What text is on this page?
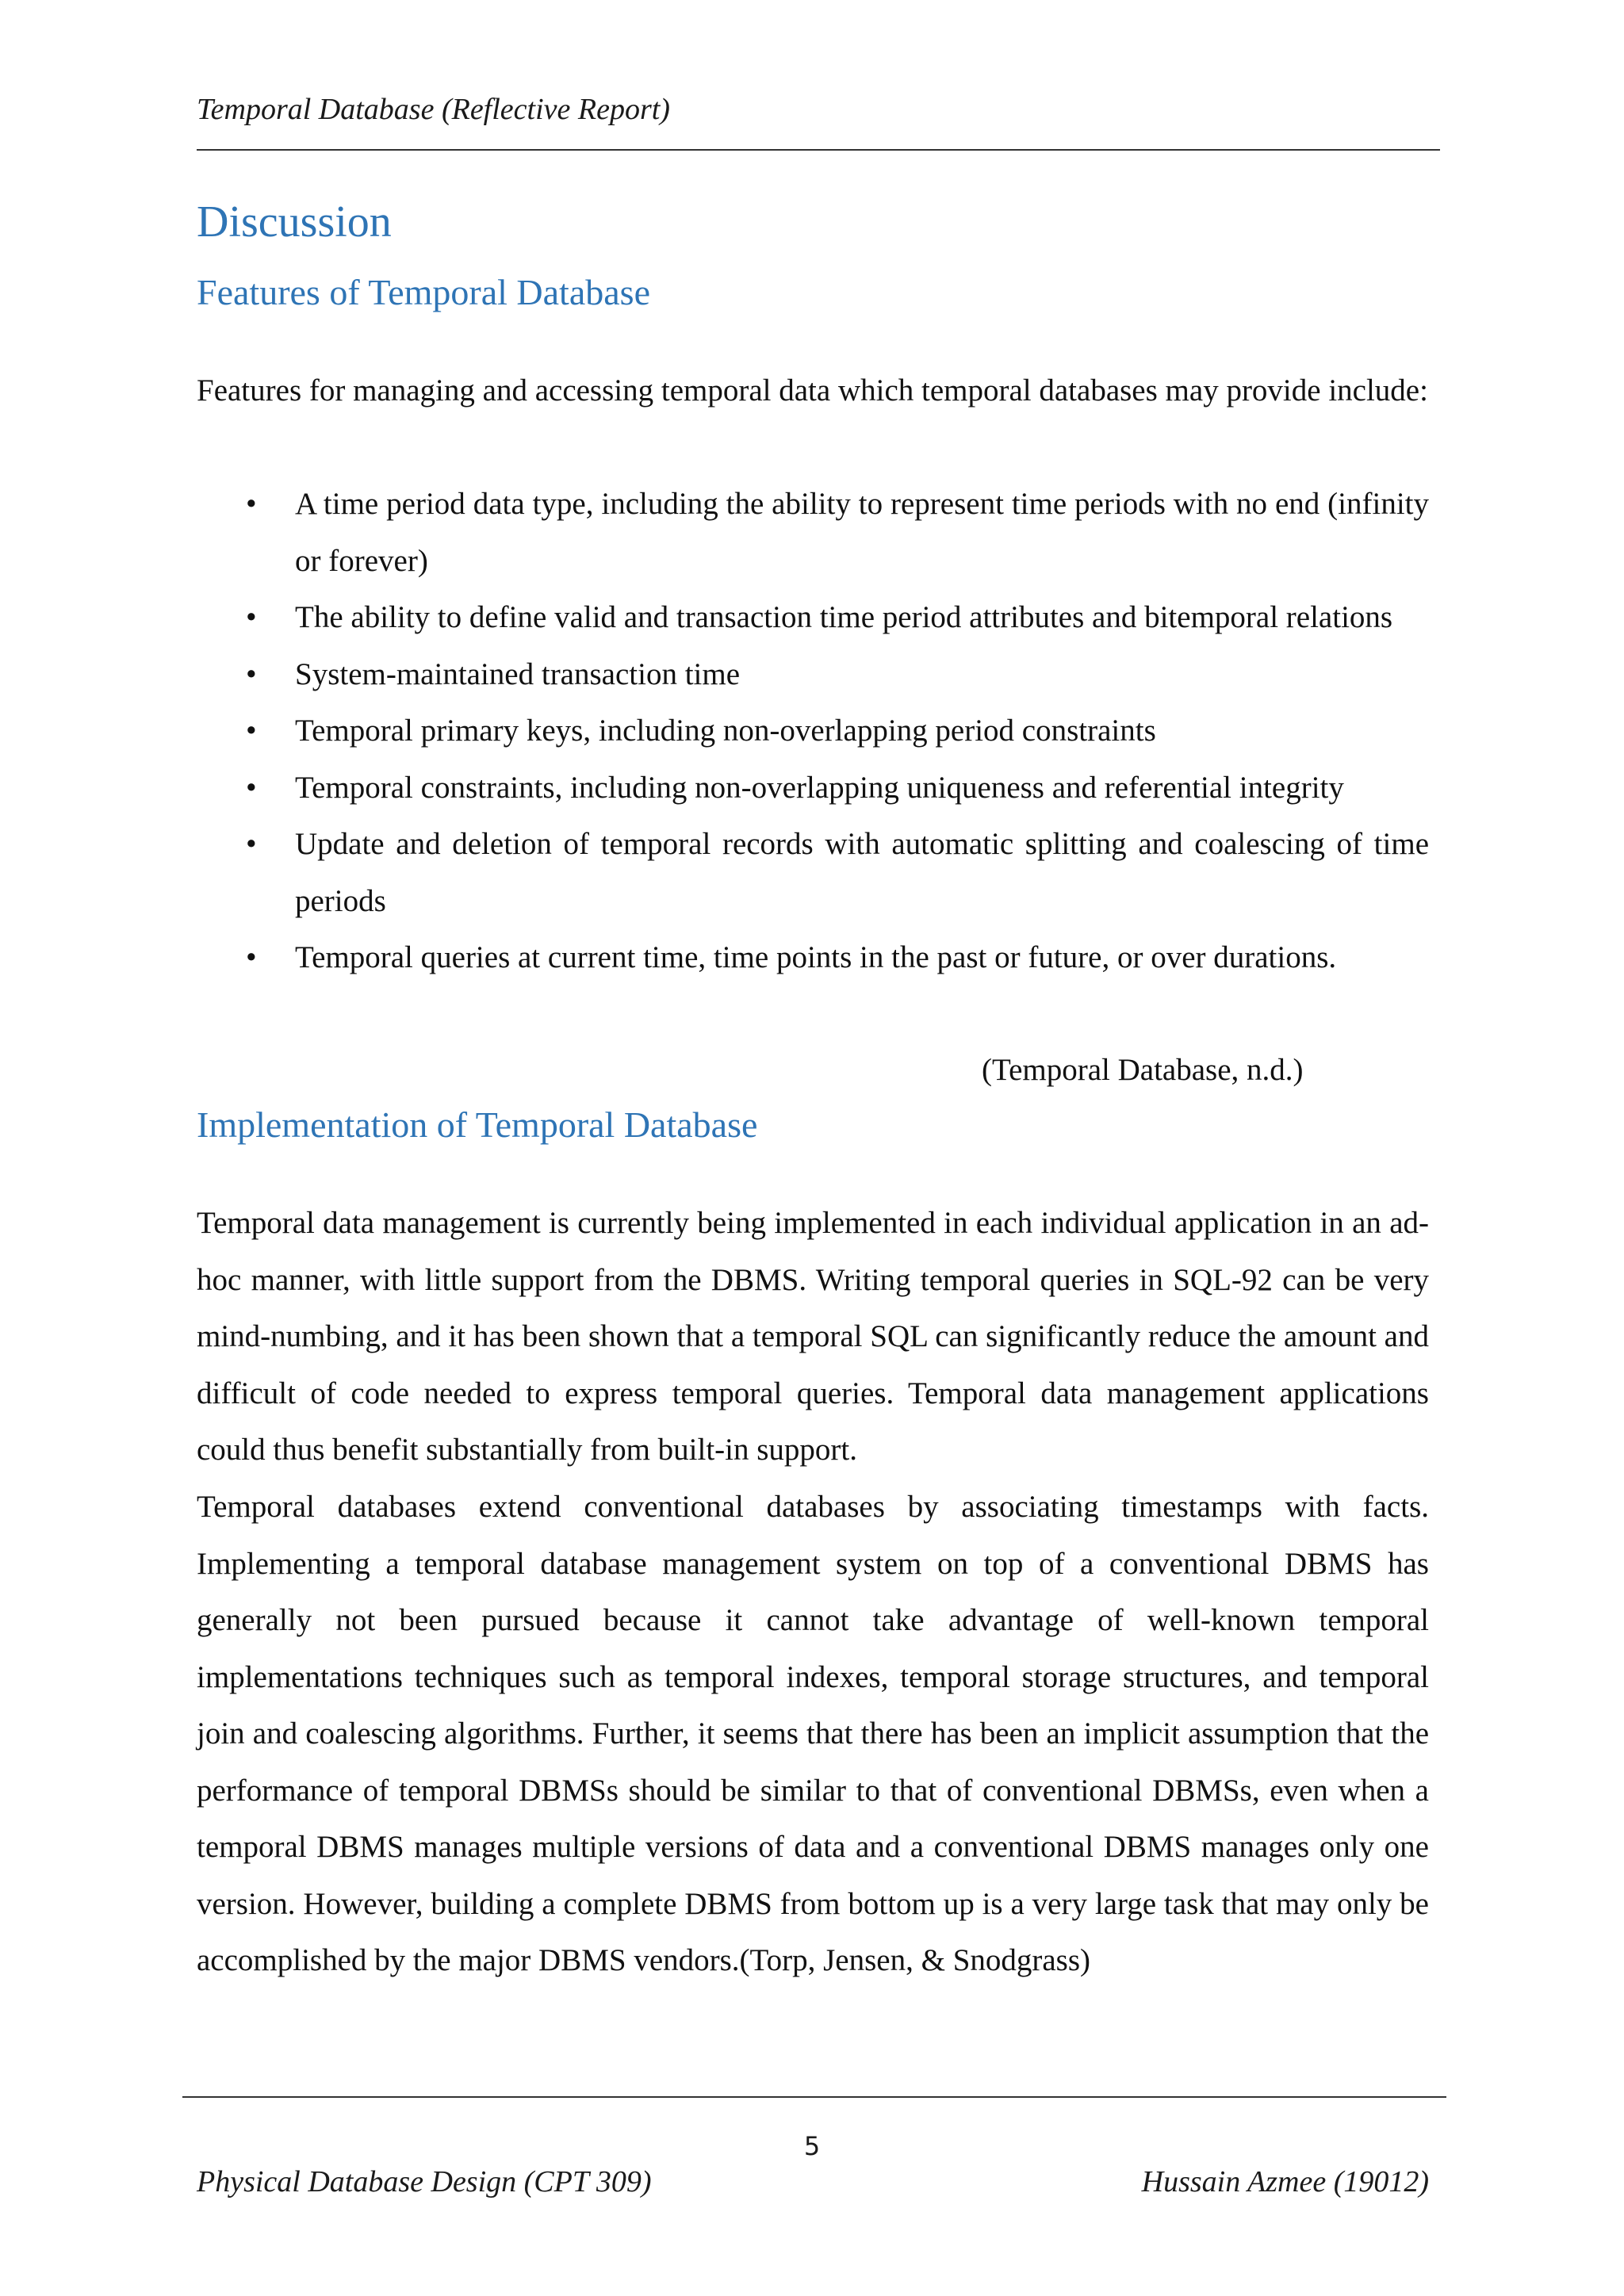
Temporal Database (Reflective Report)
Discussion
Features of Temporal Database

Features for managing and accessing temporal data which temporal databases may provide include:

• A time period data type, including the ability to represent time periods with no end (infinity or forever)
• The ability to define valid and transaction time period attributes and bitemporal relations
• System-maintained transaction time
• Temporal primary keys, including non-overlapping period constraints
• Temporal constraints, including non-overlapping uniqueness and referential integrity
• Update and deletion of temporal records with automatic splitting and coalescing of time periods
• Temporal queries at current time, time points in the past or future, or over durations.

(Temporal Database, n.d.)

Implementation of Temporal Database

Temporal data management is currently being implemented in each individual application in an ad-hoc manner, with little support from the DBMS. Writing temporal queries in SQL-92 can be very mind-numbing, and it has been shown that a temporal SQL can significantly reduce the amount and difficult of code needed to express temporal queries. Temporal data management applications could thus benefit substantially from built-in support.

Temporal databases extend conventional databases by associating timestamps with facts. Implementing a temporal database management system on top of a conventional DBMS has generally not been pursued because it cannot take advantage of well-known temporal implementations techniques such as temporal indexes, temporal storage structures, and temporal join and coalescing algorithms. Further, it seems that there has been an implicit assumption that the performance of temporal DBMSs should be similar to that of conventional DBMSs, even when a temporal DBMS manages multiple versions of data and a conventional DBMS manages only one version. However, building a complete DBMS from bottom up is a very large task that may only be accomplished by the major DBMS vendors.(Torp, Jensen, & Snodgrass)

5
Physical Database Design (CPT 309)	Hussain Azmee (19012)
